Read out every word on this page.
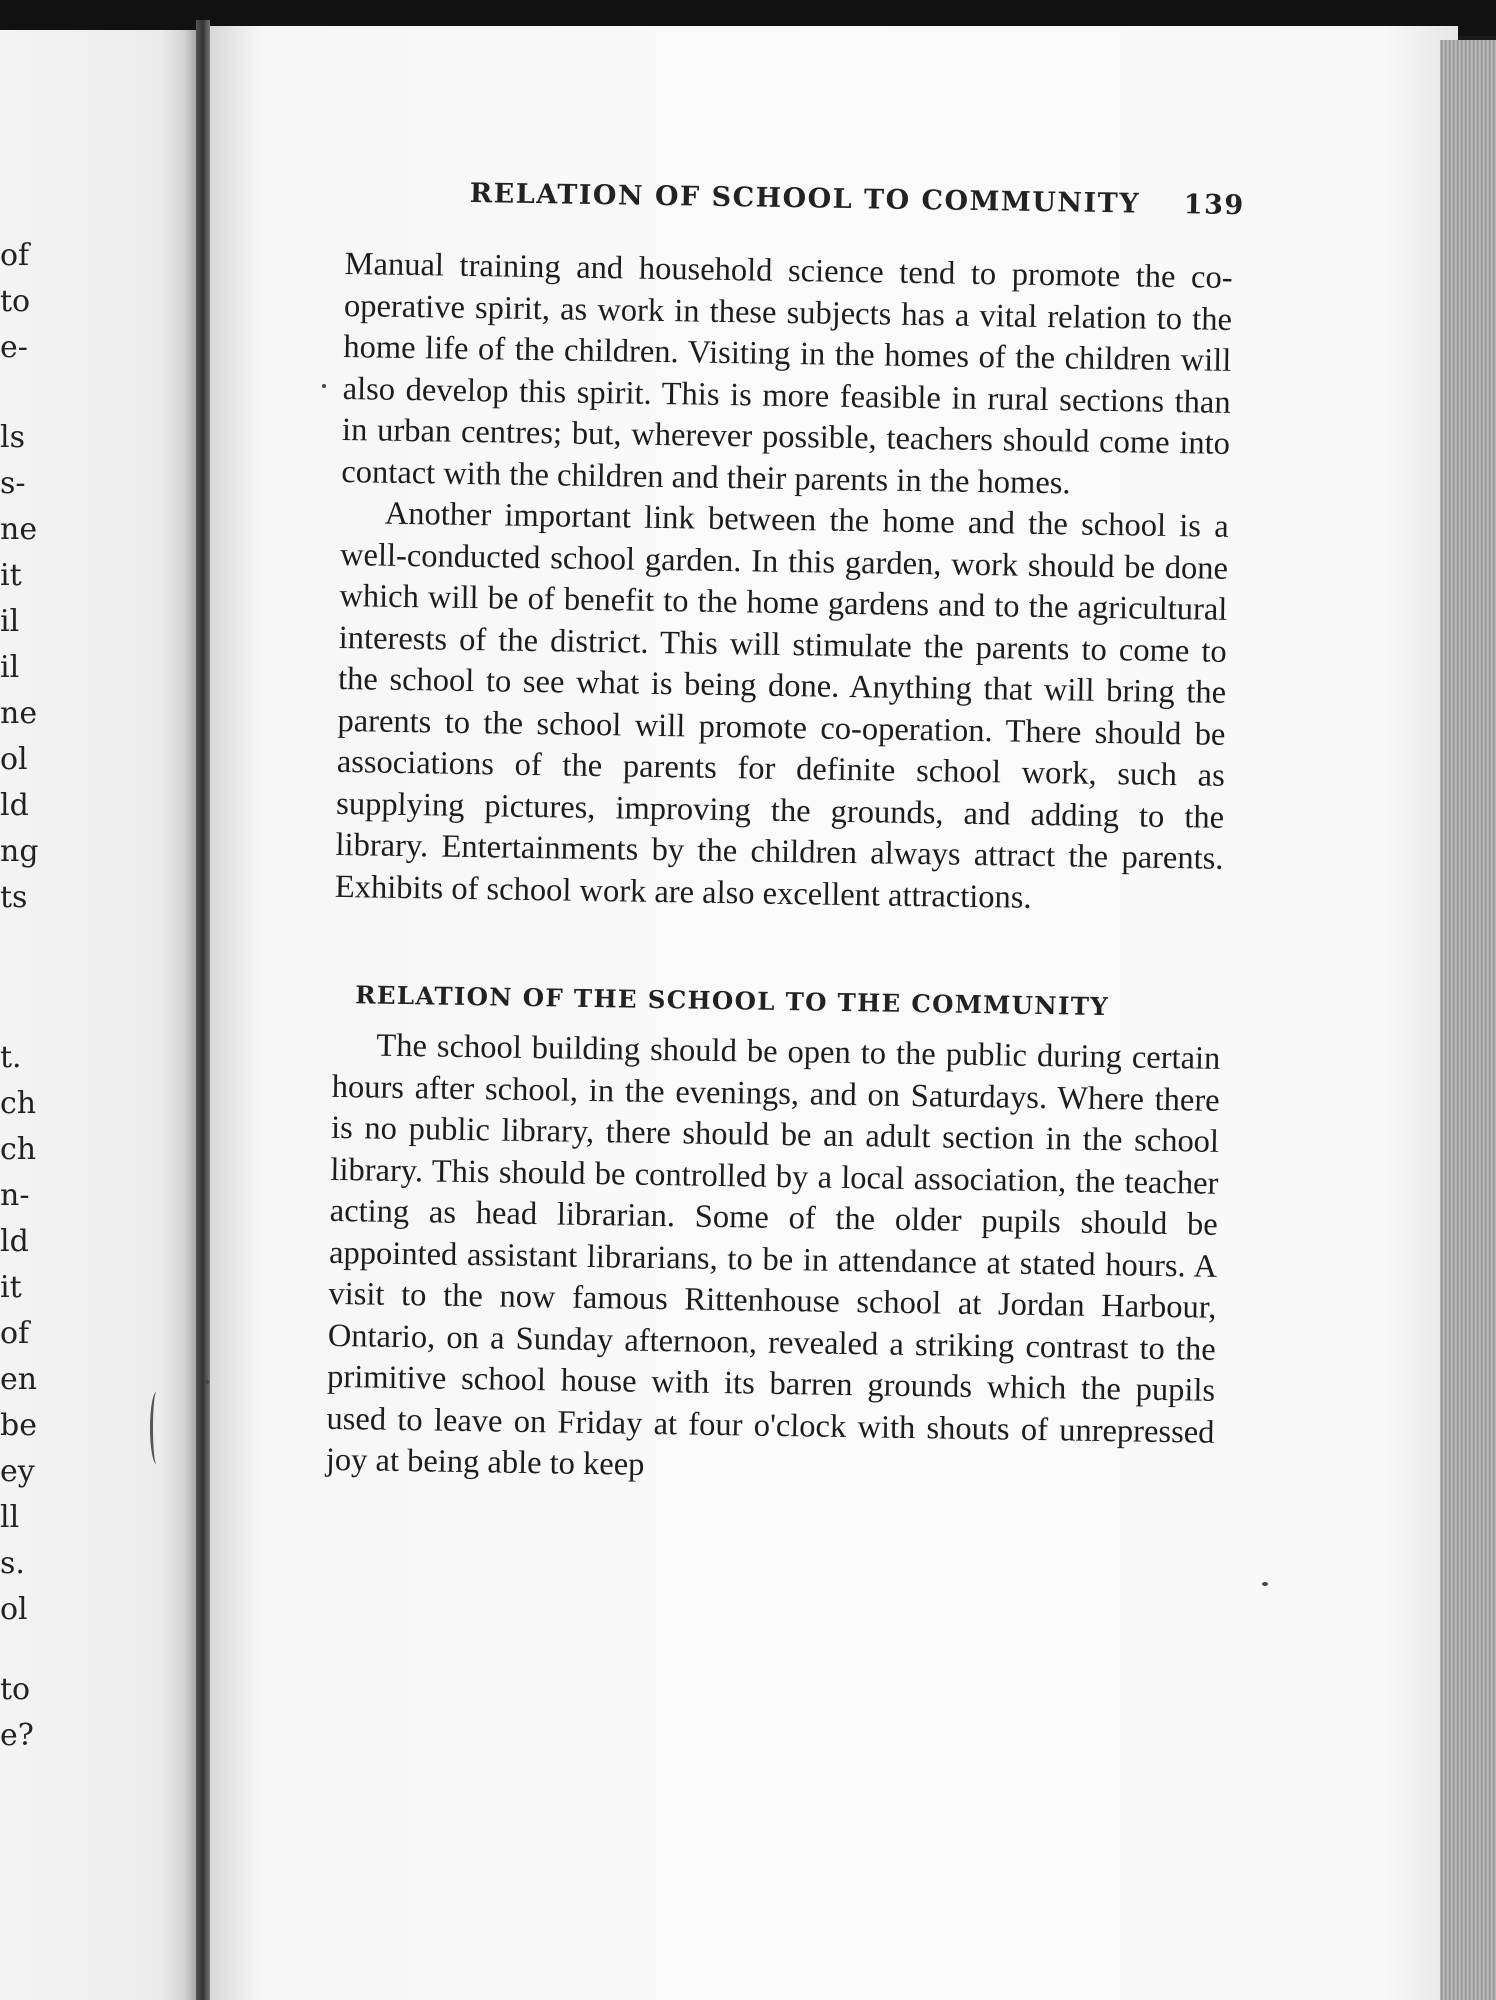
of
to
e-
ls
s-
ne
it
il
il
ne
ol
ld
ng
ts
t.
ch
ch
n-
ld
it
of
en
be
ey
ll
s.
ol
to
e?
RELATION OF SCHOOL TO COMMUNITY 139

Manual training and household science tend to promote the co-operative spirit, as work in these subjects has a vital relation to the home life of the children. Visiting in the homes of the children will also develop this spirit. This is more feasible in rural sections than in urban centres; but, wherever possible, teachers should come into contact with the children and their parents in the homes.

Another important link between the home and the school is a well-conducted school garden. In this garden, work should be done which will be of benefit to the home gardens and to the agricultural interests of the district. This will stimulate the parents to come to the school to see what is being done. Anything that will bring the parents to the school will promote co-operation. There should be associations of the parents for definite school work, such as supplying pictures, improving the grounds, and adding to the library. Entertainments by the children always attract the parents. Exhibits of school work are also excellent attractions.

RELATION OF THE SCHOOL TO THE COMMUNITY

The school building should be open to the public during certain hours after school, in the evenings, and on Saturdays. Where there is no public library, there should be an adult section in the school library. This should be controlled by a local association, the teacher acting as head librarian. Some of the older pupils should be appointed assistant librarians, to be in attendance at stated hours. A visit to the now famous Rittenhouse school at Jordan Harbour, Ontario, on a Sunday afternoon, revealed a striking contrast to the primitive school house with its barren grounds which the pupils used to leave on Friday at four o'clock with shouts of unrepressed joy at being able to keep
